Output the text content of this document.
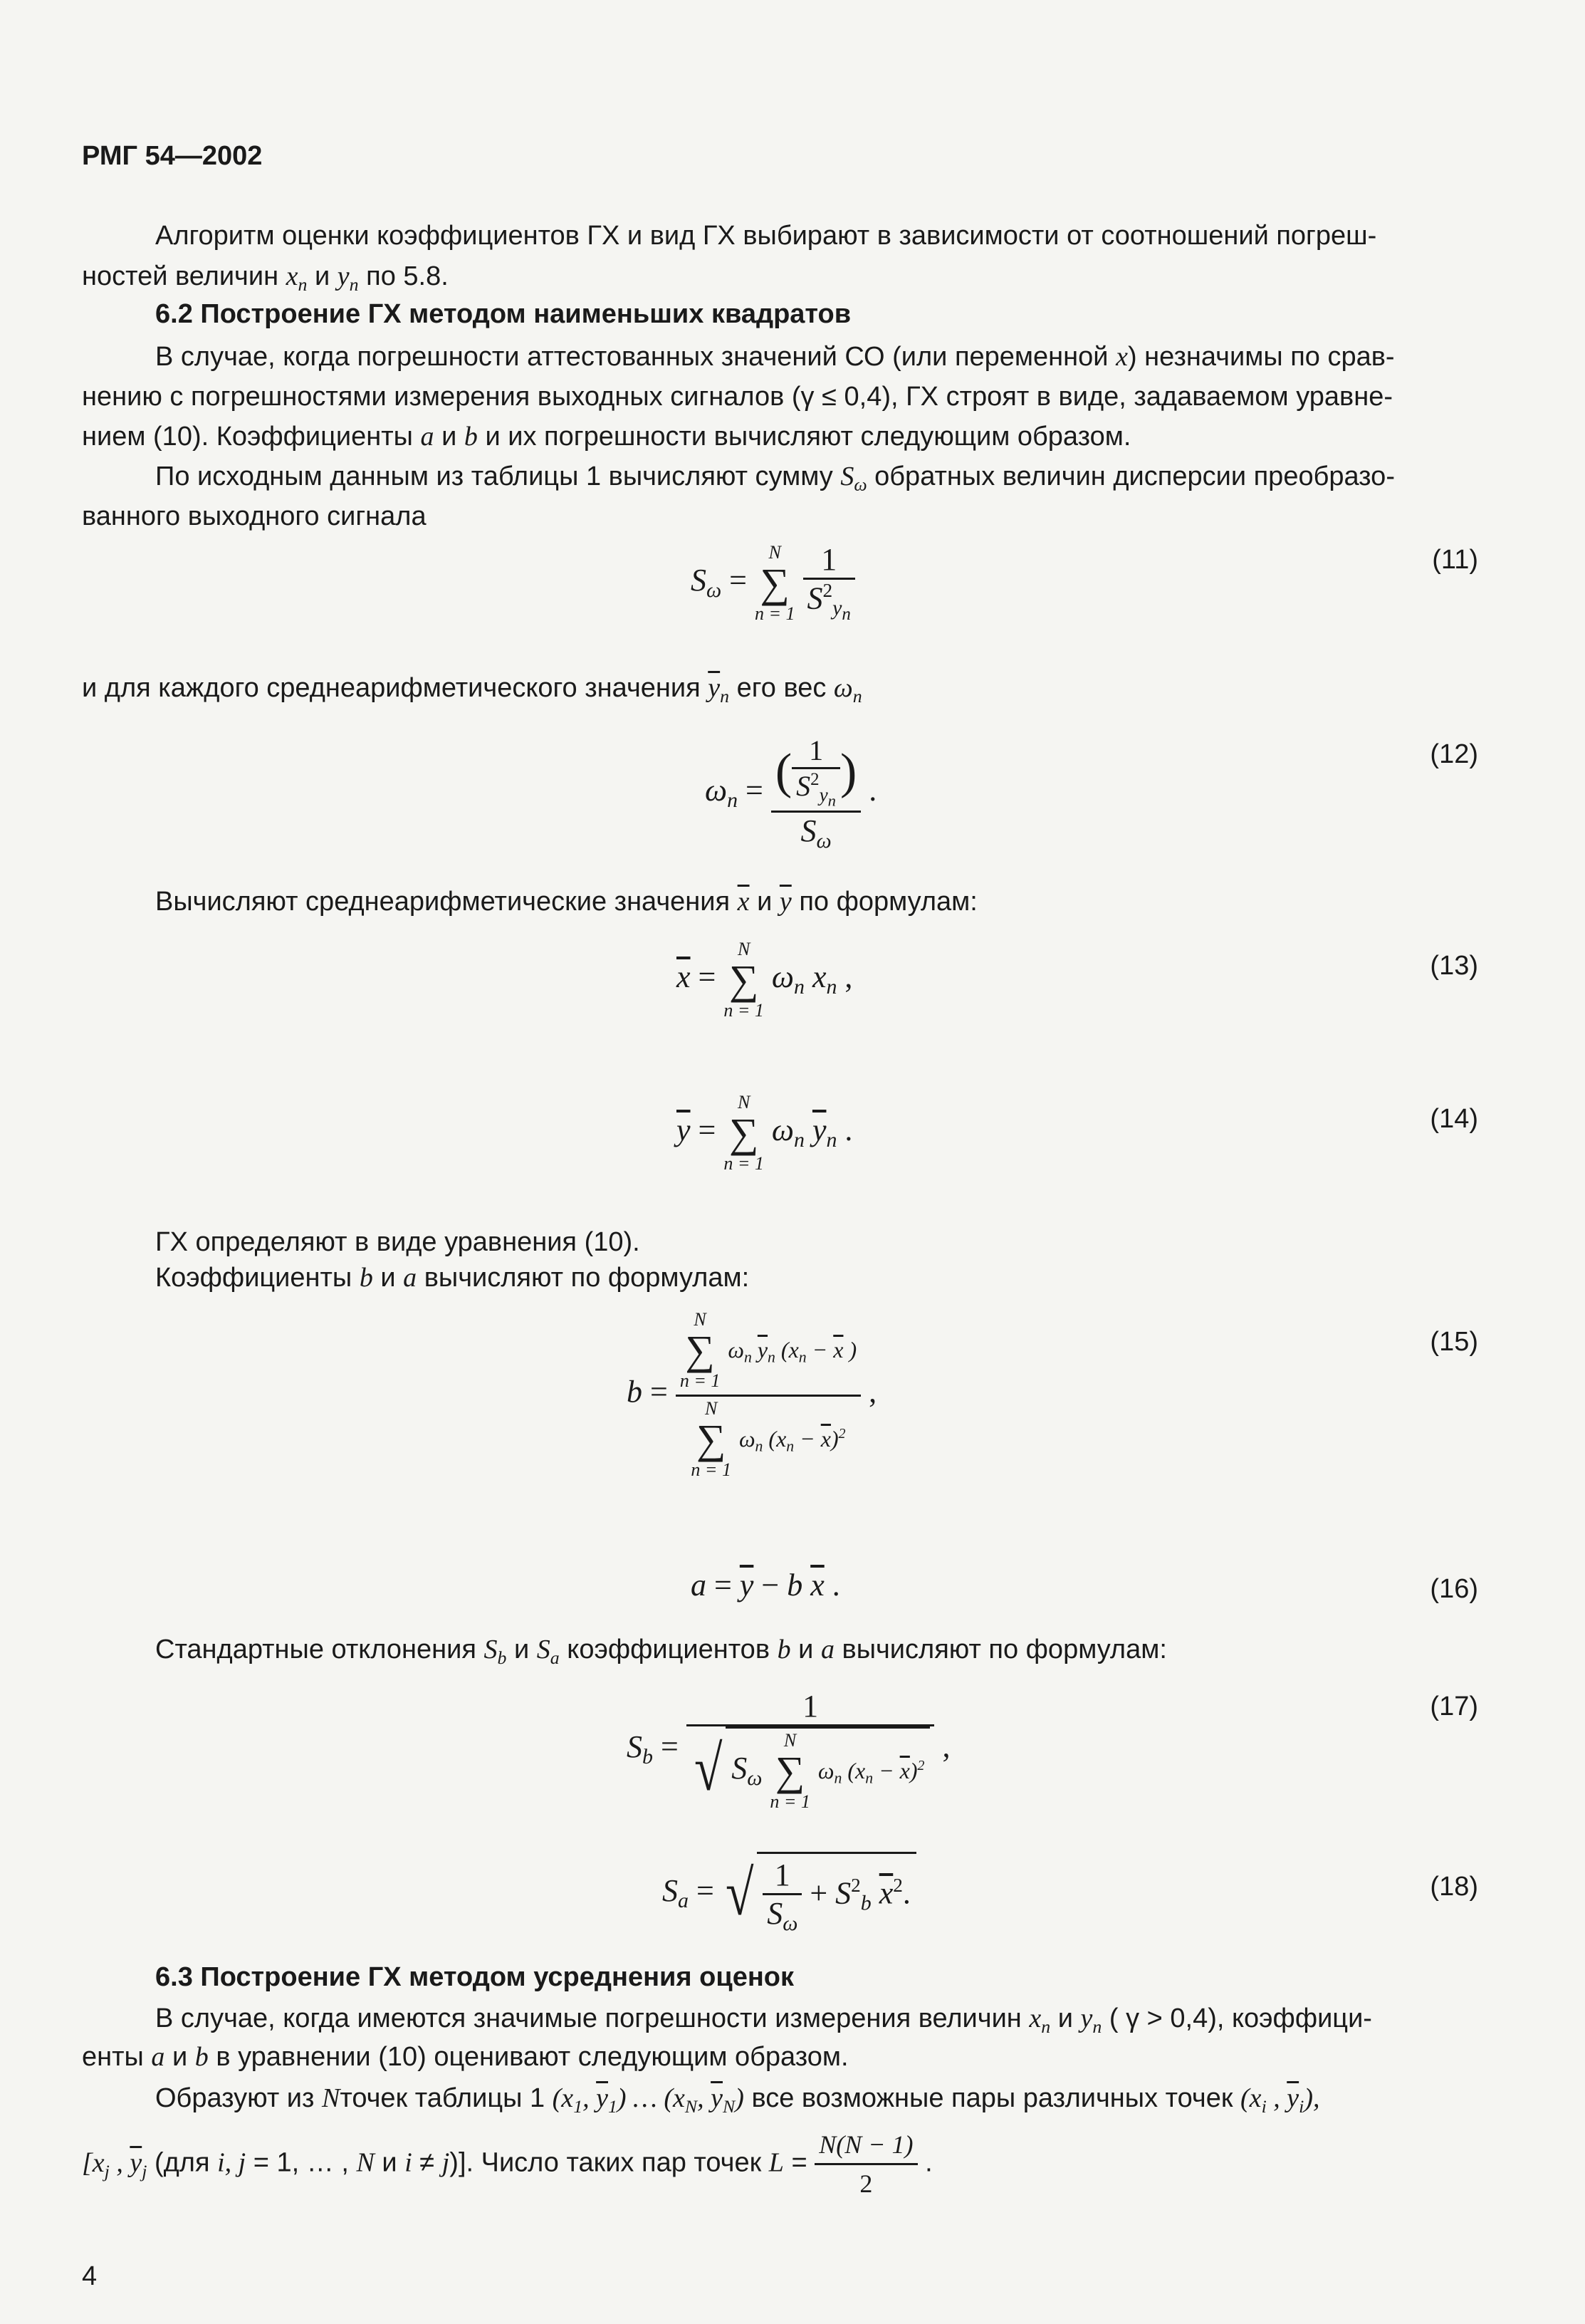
РМГ 54—2002
Алгоритм оценки коэффициентов ГХ и вид ГХ выбирают в зависимости от соотношений погреш-
ностей величин $x_n$ и $y_n$ по 5.8.
6.2 Построение ГХ методом наименьших квадратов
В случае, когда погрешности аттестованных значений СО (или переменной x) незначимы по срав-
нению с погрешностями измерения выходных сигналов (γ ≤ 0,4), ГХ строят в виде, задаваемом уравне-
нием (10). Коэффициенты a и b и их погрешности вычисляют следующим образом.
По исходным данным из таблицы 1 вычисляют сумму $S_\omega$ обратных величин дисперсии преобразо-
ванного выходного сигнала
$S_\omega$ =
N
∑
n = 1
$\frac{1}{S^2_{y_n}}$	(11)
и для каждого среднеарифметического значения $\overline{y}_n$ его вес $\omega_n$
$\omega_n = \frac{( \frac{1}{S^2_{y_n}} )}{S_\omega}$ .
(12)
Вычисляют среднеарифметические значения $\overline{x}$ и $\overline{y}$ по формулам:
$\overline{x}$ =
N
∑
n = 1
$\omega_n$ $x_n$ ,	(13)
$\overline{y}$ =
N
∑
n = 1
$\omega_n$ $\overline{y}_n$ .	(14)
ГХ определяют в виде уравнения (10).
Коэффициенты b и a вычисляют по формулам:
b = N
∑
n = 1
$\omega_n$ $\overline{y}_n$ ($x_n - \overline{x}$ )
N
∑
n = 1
$\omega_n$ $(x_n - \overline{x})^2$ ,
(15)
$a = \overline{y} - b$ $\overline{x}$ .	(16)
Стандартные отклонения $S_b$ и $S_a$ коэффициентов b и a вычисляют по формулам:
$S_b = 1$
√ $S_\omega$
N
∑
n = 1
$\omega_n$ $(x_n - \overline{x})^2$ ,
(17)
$S_a$ = √ $\frac{1}{S_\omega} + S^2_b$ $\overline{x}^2$.	(18)
6.3 Построение ГХ методом усреднения оценок
В случае, когда имеются значимые погрешности измерения величин $x_n$ и $y_n$ ( γ > 0,4), коэффици-
енты a и b в уравнении (10) оценивают следующим образом.
Образуют из Nточек таблицы 1 ($x_1$, $\overline{y}_1$) … ($x_N$, $\overline{y}_N$) все возможные пары различных точек ($x_i$ , $\overline{y}_i$),
[$x_j$ , $\overline{y}_j$ (для i, j = 1, … , N и i ≠ j)]. Число таких пар точек $L = \frac{N(N - 1)}{2}$ .
4
